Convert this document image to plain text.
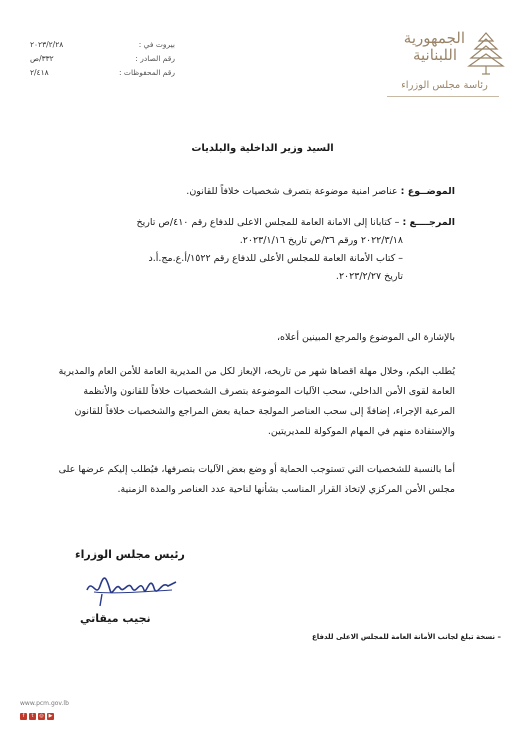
٢٠٢٣/٢/٢٨	بيروت في :
٣٣٢/ص	رقم الصادر :
٢/٤١٨	رقم المحفوظات :
الجمهورية اللبنانية
رئاسة مجلس الوزراء
السيد وزير الداخلية والبلديات
الموضــوع : عناصر امنية موضوعة بتصرف شخصيات خلافاً للقانون.
المرجــــع : – كتابانا إلى الامانة العامة للمجلس الاعلى للدفاع رقم ٤١٠/ص تاريخ
٢٠٢٢/٣/١٨ ورقم ٣٦/ص تاريخ ٢٠٢٣/١/١٦.
– كتاب الأمانة العامة للمجلس الأعلى للدفاع رقم ١٥٢٢/أ.ع.مج.أ.د
تاريخ ٢٠٢٣/٢/٢٧.
بالإشارة الى الموضوع والمرجع المبينين أعلاه،
يُطلب اليكم، وخلال مهلة اقصاها شهر من تاريخه، الإيعاز لكل من المديرية العامة للأمن العام والمديرية العامة لقوى الأمن الداخلي، سحب الآليات الموضوعة بتصرف الشخصيات خلافاً للقانون والأنظمة المرعية الإجراء، إضافةً إلى سحب العناصر المولجة حماية بعض المراجع والشخصيات خلافاً للقانون والإستفادة منهم في المهام الموكولة للمديريتين.
أما بالنسبة للشخصيات التي تستوجب الحماية أو وضع بعض الآليات بتصرفها، فيُطلب إليكم عرضها على مجلس الأمن المركزي لإتخاذ القرار المناسب بشأنها لناحية عدد العناصر والمدة الزمنية.
رئيس مجلس الوزراء
نجيب ميقاتي
– نسخة تبلغ لجانب الأمانة العامة للمجلس الاعلى للدفاع
www.pcm.gov.lb
f	t	◎ ▶
